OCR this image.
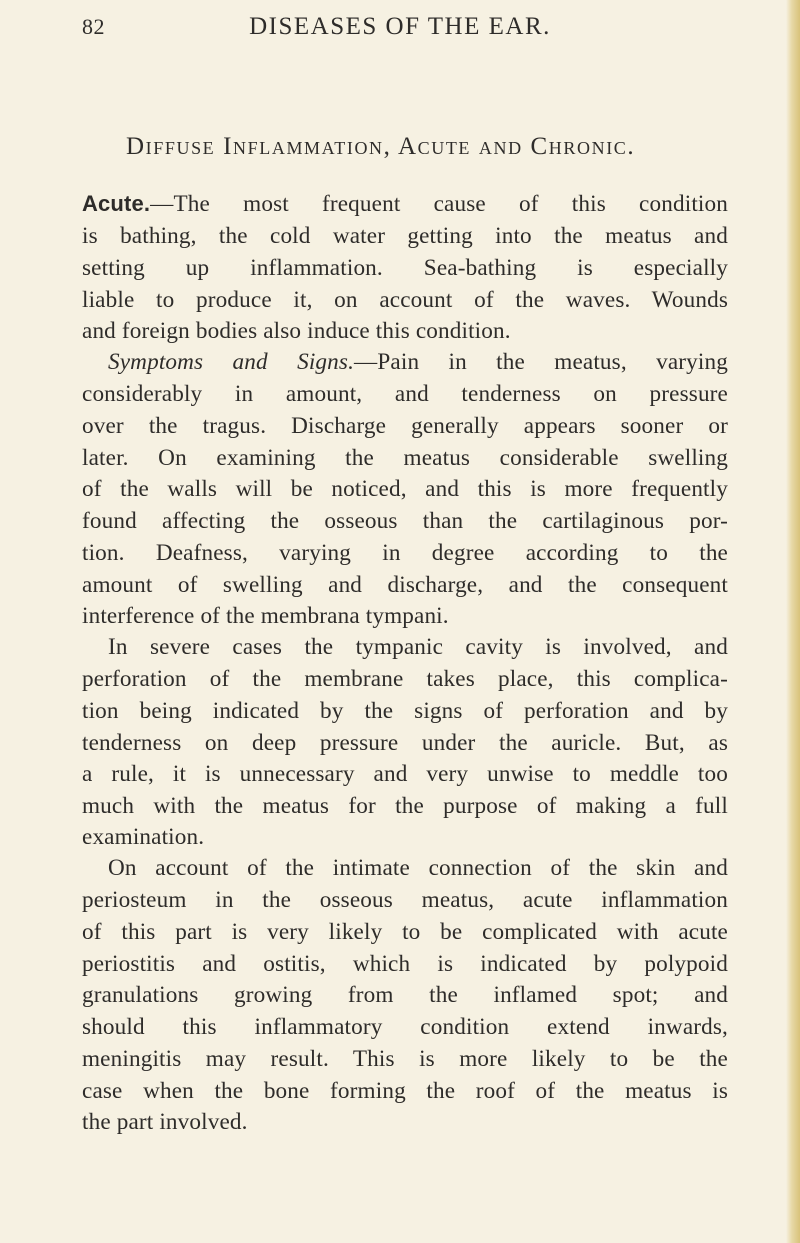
82	DISEASES OF THE EAR.
Diffuse Inflammation, Acute and Chronic.
Acute.—The most frequent cause of this condition
is bathing, the cold water getting into the meatus and
setting up inflammation. Sea-bathing is especially
liable to produce it, on account of the waves. Wounds
and foreign bodies also induce this condition.
Symptoms and Signs.—Pain in the meatus, varying
considerably in amount, and tenderness on pressure
over the tragus. Discharge generally appears sooner or
later. On examining the meatus considerable swelling
of the walls will be noticed, and this is more frequently
found affecting the osseous than the cartilaginous por-
tion. Deafness, varying in degree according to the
amount of swelling and discharge, and the consequent
interference of the membrana tympani.
In severe cases the tympanic cavity is involved, and
perforation of the membrane takes place, this complica-
tion being indicated by the signs of perforation and by
tenderness on deep pressure under the auricle. But, as
a rule, it is unnecessary and very unwise to meddle too
much with the meatus for the purpose of making a full
examination.
On account of the intimate connection of the skin and
periosteum in the osseous meatus, acute inflammation
of this part is very likely to be complicated with acute
periostitis and ostitis, which is indicated by polypoid
granulations growing from the inflamed spot; and
should this inflammatory condition extend inwards,
meningitis may result. This is more likely to be the
case when the bone forming the roof of the meatus is
the part involved.
